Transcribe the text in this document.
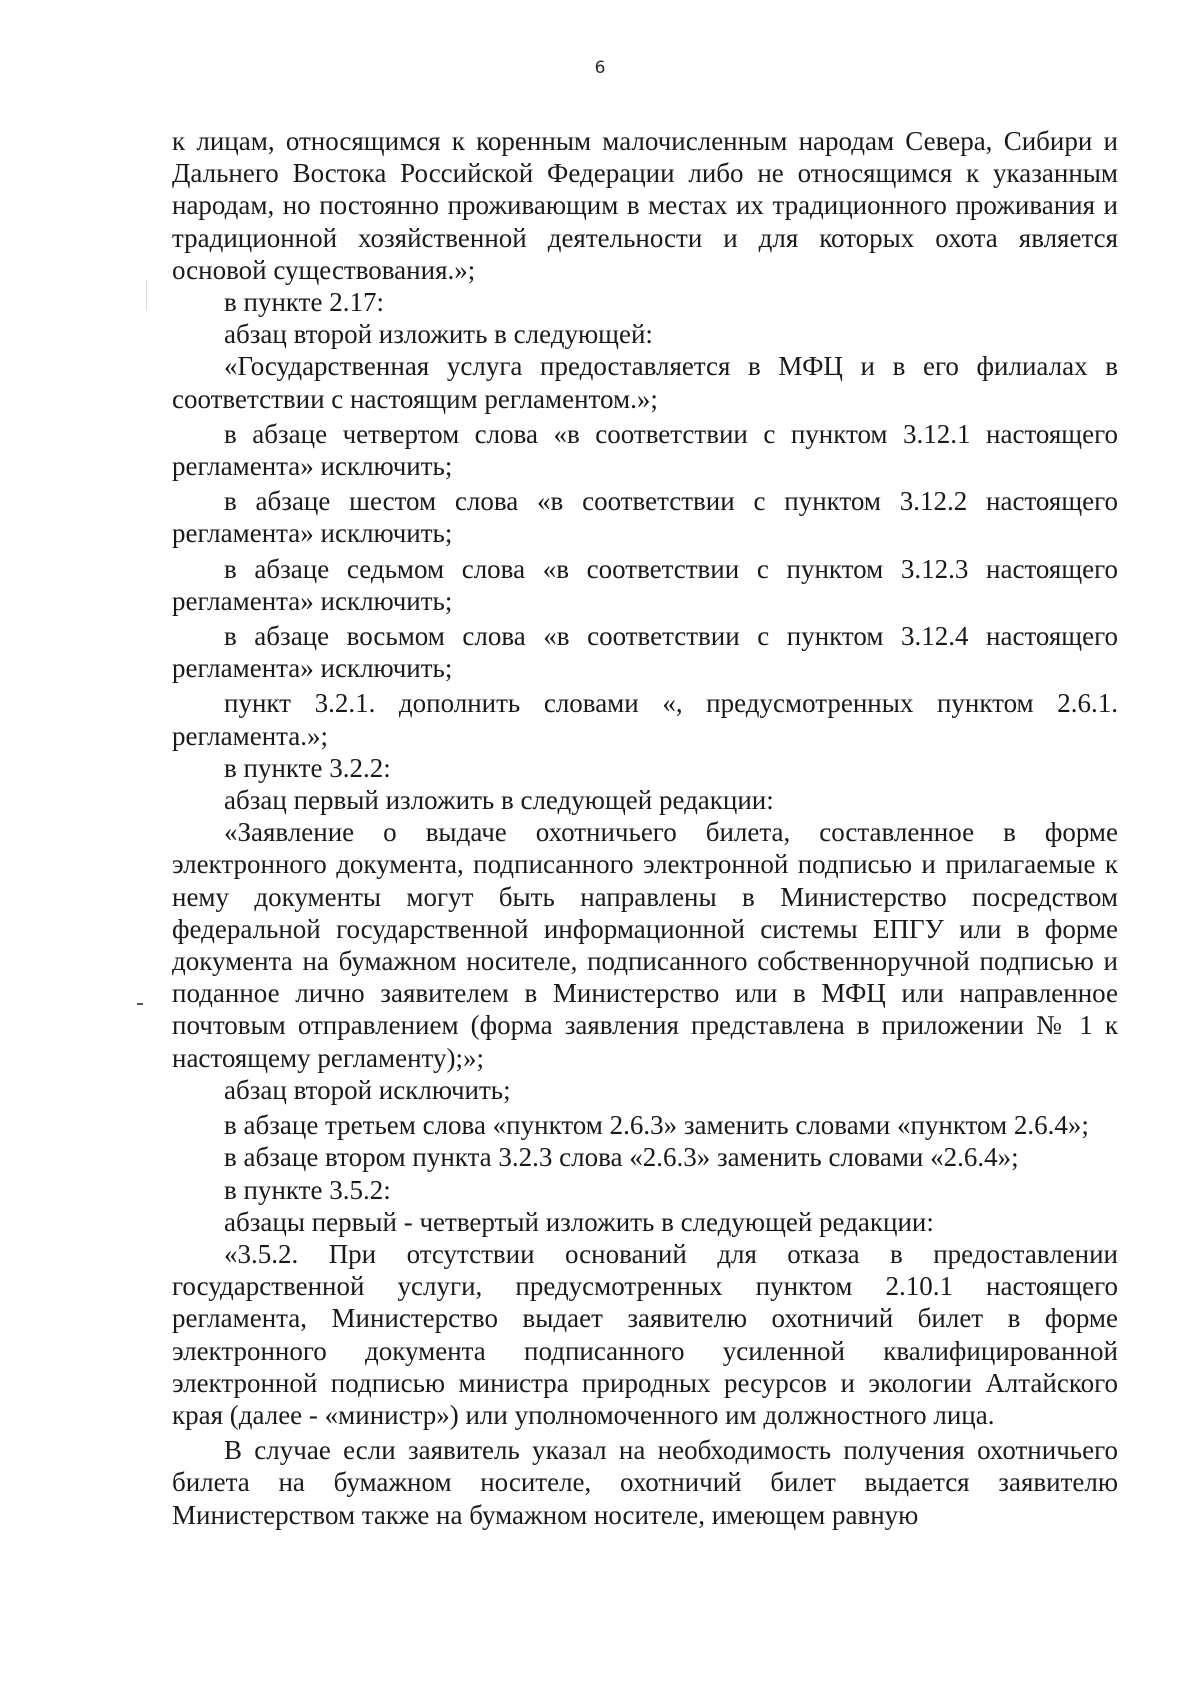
6

к лицам, относящимся к коренным малочисленным народам Севера, Сибири и Дальнего Востока Российской Федерации либо не относящимся к указанным народам, но постоянно проживающим в местах их традиционного проживания и традиционной хозяйственной деятельности и для которых охота является основой существования.»;

в пункте 2.17:

абзац второй изложить в следующей:

«Государственная услуга предоставляется в МФЦ и в его филиалах в соответствии с настоящим регламентом.»;

в абзаце четвертом слова «в соответствии с пунктом 3.12.1 настоящего регламента» исключить;

в абзаце шестом слова «в соответствии с пунктом 3.12.2 настоящего регламента» исключить;

в абзаце седьмом слова «в соответствии с пунктом 3.12.3 настоящего регламента» исключить;

в абзаце восьмом слова «в соответствии с пунктом 3.12.4 настоящего регламента» исключить;

пункт 3.2.1. дополнить словами «, предусмотренных пунктом 2.6.1. регламента.»;

в пункте 3.2.2:

абзац первый изложить в следующей редакции:

«Заявление о выдаче охотничьего билета, составленное в форме электронного документа, подписанного электронной подписью и прилагаемые к нему документы могут быть направлены в Министерство посредством федеральной государственной информационной системы ЕПГУ или в форме документа на бумажном носителе, подписанного собственноручной подписью и поданное лично заявителем в Министерство или в МФЦ или направленное почтовым отправлением (форма заявления представлена в приложении № 1 к настоящему регламенту);»;

абзац второй исключить;

в абзаце третьем слова «пунктом 2.6.3» заменить словами «пунктом 2.6.4»;

в абзаце втором пункта 3.2.3 слова «2.6.3» заменить словами «2.6.4»;

в пункте 3.5.2:

абзацы первый - четвертый изложить в следующей редакции:

«3.5.2. При отсутствии оснований для отказа в предоставлении государственной услуги, предусмотренных пунктом 2.10.1 настоящего регламента, Министерство выдает заявителю охотничий билет в форме электронного документа подписанного усиленной квалифицированной электронной подписью министра природных ресурсов и экологии Алтайского края (далее - «министр») или уполномоченного им должностного лица.

В случае если заявитель указал на необходимость получения охотничьего билета на бумажном носителе, охотничий билет выдается заявителю Министерством также на бумажном носителе, имеющем равную
